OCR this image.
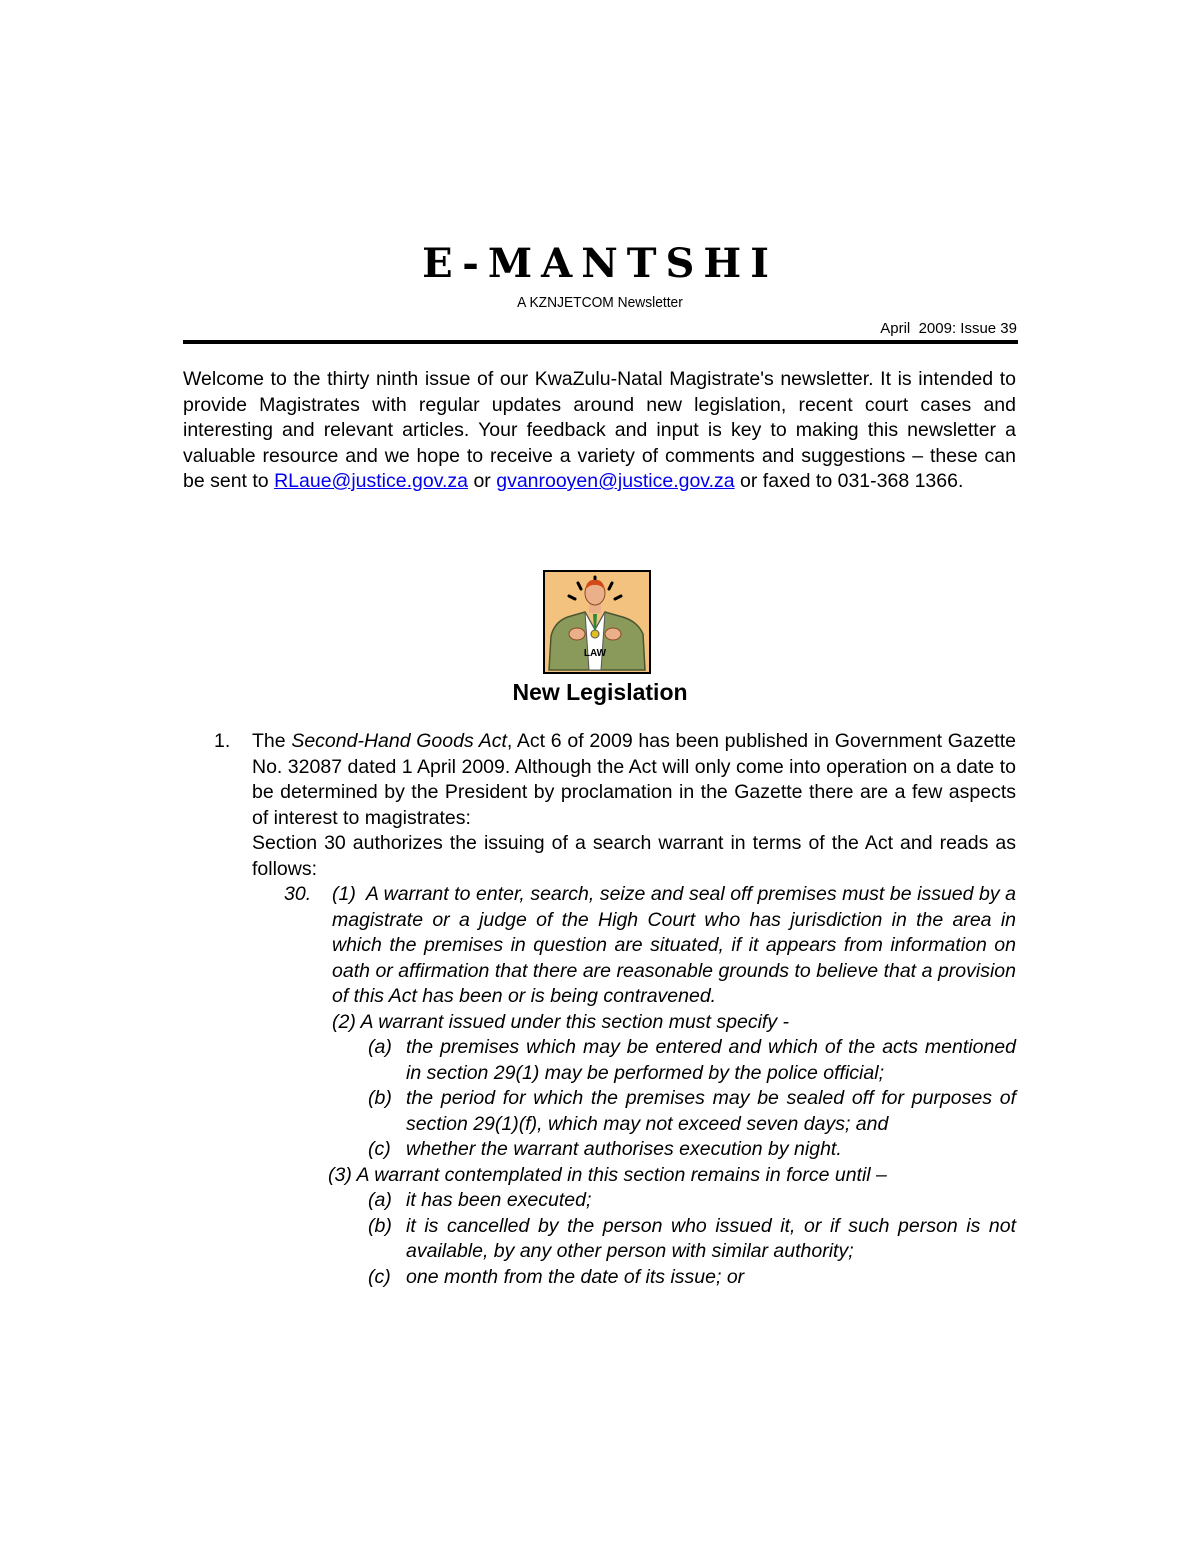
E-MANTSHI
A KZNJETCOM Newsletter
April  2009: Issue 39

Welcome to the thirty ninth issue of our KwaZulu-Natal Magistrate's newsletter. It is intended to provide Magistrates with regular updates around new legislation, recent court cases and interesting and relevant articles. Your feedback and input is key to making this newsletter a valuable resource and we hope to receive a variety of comments and suggestions – these can be sent to RLaue@justice.gov.za or gvanrooyen@justice.gov.za or faxed to 031-368 1366.

LAW
New Legislation
1. The Second-Hand Goods Act, Act 6 of 2009 has been published in Government Gazette No. 32087 dated 1 April 2009. Although the Act will only come into operation on a date to be determined by the President by proclamation in the Gazette there are a few aspects of interest to magistrates:

Section 30 authorizes the issuing of a search warrant in terms of the Act and reads as follows:

30. (1) A warrant to enter, search, seize and seal off premises must be issued by a magistrate or a judge of the High Court who has jurisdiction in the area in which the premises in question are situated, if it appears from information on oath or affirmation that there are reasonable grounds to believe that a provision of this Act has been or is being contravened.
(2) A warrant issued under this section must specify -
(a) the premises which may be entered and which of the acts mentioned in section 29(1) may be performed by the police official;
(b) the period for which the premises may be sealed off for purposes of section 29(1)(f), which may not exceed seven days; and
(c) whether the warrant authorises execution by night.
(3) A warrant contemplated in this section remains in force until –
(a) it has been executed;
(b) it is cancelled by the person who issued it, or if such person is not available, by any other person with similar authority;
(c) one month from the date of its issue; or
